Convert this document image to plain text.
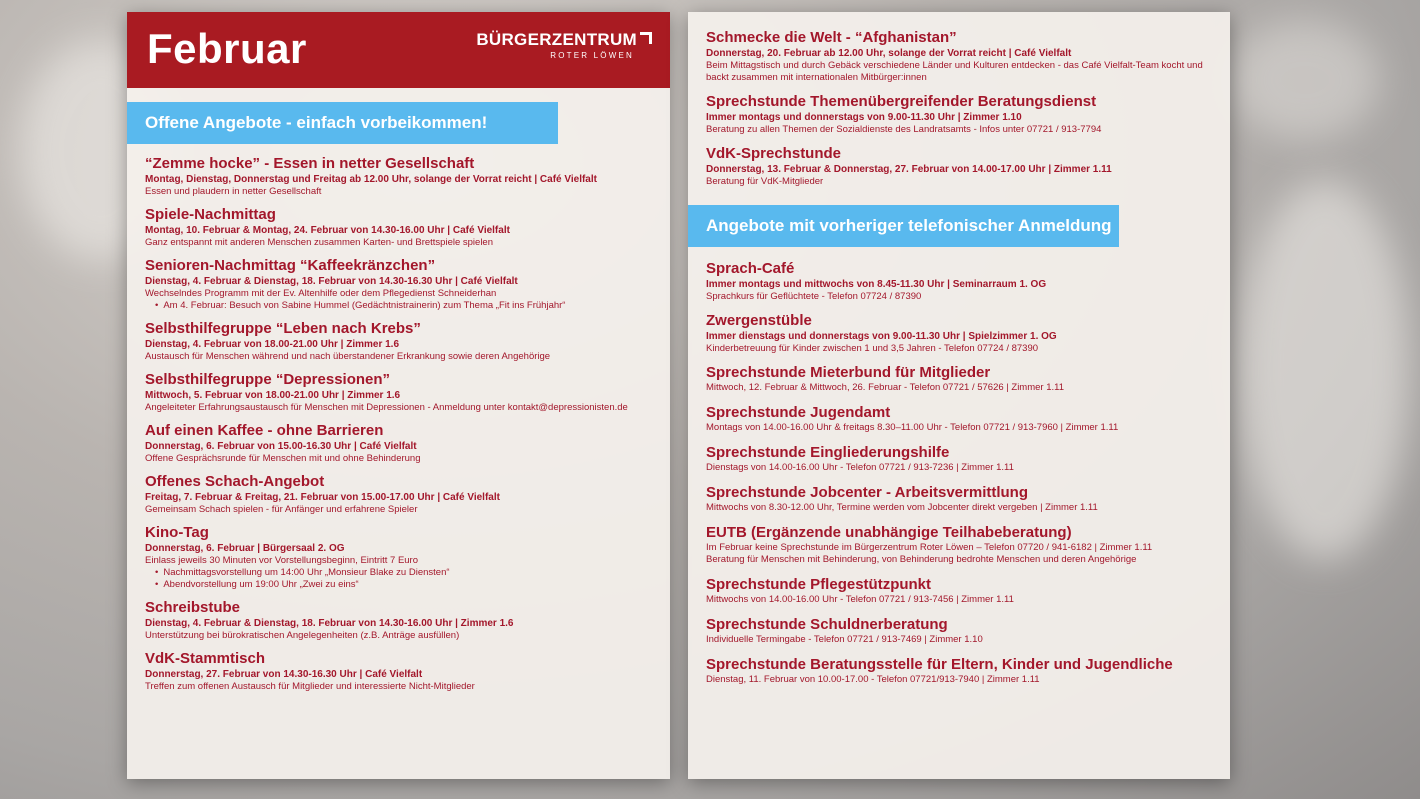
Februar	BÜRGERZENTRUM
ROTER LÖWEN
Offene Angebote - einfach vorbeikommen!
“Zemme hocke” - Essen in netter Gesellschaft
Montag, Dienstag, Donnerstag und Freitag ab 12.00 Uhr, solange der Vorrat reicht | Café Vielfalt
Essen und plaudern in netter Gesellschaft
Spiele-Nachmittag
Montag, 10. Februar & Montag, 24. Februar von 14.30-16.00 Uhr | Café Vielfalt
Ganz entspannt mit anderen Menschen zusammen Karten- und Brettspiele spielen
Senioren-Nachmittag “Kaffeekränzchen”
Dienstag, 4. Februar & Dienstag, 18. Februar von 14.30-16.30 Uhr | Café Vielfalt
Wechselndes Programm mit der Ev. Altenhilfe oder dem Pflegedienst Schneiderhan
• Am 4. Februar: Besuch von Sabine Hummel (Gedächtnistrainerin) zum Thema „Fit ins Frühjahr“
Selbsthilfegruppe “Leben nach Krebs”
Dienstag, 4. Februar von 18.00-21.00 Uhr | Zimmer 1.6
Austausch für Menschen während und nach überstandener Erkrankung sowie deren Angehörige
Selbsthilfegruppe “Depressionen”
Mittwoch, 5. Februar von 18.00-21.00 Uhr | Zimmer 1.6
Angeleiteter Erfahrungsaustausch für Menschen mit Depressionen - Anmeldung unter kontakt@depressionisten.de
Auf einen Kaffee - ohne Barrieren
Donnerstag, 6. Februar von 15.00-16.30 Uhr | Café Vielfalt
Offene Gesprächsrunde für Menschen mit und ohne Behinderung
Offenes Schach-Angebot
Freitag, 7. Februar & Freitag, 21. Februar von 15.00-17.00 Uhr | Café Vielfalt
Gemeinsam Schach spielen - für Anfänger und erfahrene Spieler
Kino-Tag
Donnerstag, 6. Februar | Bürgersaal 2. OG
Einlass jeweils 30 Minuten vor Vorstellungsbeginn, Eintritt 7 Euro
• Nachmittagsvorstellung um 14:00 Uhr „Monsieur Blake zu Diensten“
• Abendvorstellung um 19:00 Uhr „Zwei zu eins“
Schreibstube
Dienstag, 4. Februar & Dienstag, 18. Februar von 14.30-16.00 Uhr | Zimmer 1.6
Unterstützung bei bürokratischen Angelegenheiten (z.B. Anträge ausfüllen)
VdK-Stammtisch
Donnerstag, 27. Februar von 14.30-16.30 Uhr | Café Vielfalt
Treffen zum offenen Austausch für Mitglieder und interessierte Nicht-Mitglieder
Schmecke die Welt - “Afghanistan”
Donnerstag, 20. Februar ab 12.00 Uhr, solange der Vorrat reicht | Café Vielfalt
Beim Mittagstisch und durch Gebäck verschiedene Länder und Kulturen entdecken - das Café Vielfalt-Team kocht und
backt zusammen mit internationalen Mitbürger:innen
Sprechstunde Themenübergreifender Beratungsdienst
Immer montags und donnerstags von 9.00-11.30 Uhr | Zimmer 1.10
Beratung zu allen Themen der Sozialdienste des Landratsamts - Infos unter 07721 / 913-7794
VdK-Sprechstunde
Donnerstag, 13. Februar & Donnerstag, 27. Februar von 14.00-17.00 Uhr | Zimmer 1.11
Beratung für VdK-Mitglieder
Angebote mit vorheriger telefonischer Anmeldung
Sprach-Café
Immer montags und mittwochs von 8.45-11.30 Uhr | Seminarraum 1. OG
Sprachkurs für Geflüchtete - Telefon 07724 / 87390
Zwergenstüble
Immer dienstags und donnerstags von 9.00-11.30 Uhr | Spielzimmer 1. OG
Kinderbetreuung für Kinder zwischen 1 und 3,5 Jahren - Telefon 07724 / 87390
Sprechstunde Mieterbund für Mitglieder
Mittwoch, 12. Februar & Mittwoch, 26. Februar - Telefon 07721 / 57626 | Zimmer 1.11
Sprechstunde Jugendamt
Montags von 14.00-16.00 Uhr & freitags 8.30–11.00 Uhr - Telefon 07721 / 913-7960 | Zimmer 1.11
Sprechstunde Eingliederungshilfe
Dienstags von 14.00-16.00 Uhr - Telefon 07721 / 913-7236 | Zimmer 1.11
Sprechstunde Jobcenter - Arbeitsvermittlung
Mittwochs von 8.30-12.00 Uhr, Termine werden vom Jobcenter direkt vergeben | Zimmer 1.11
EUTB (Ergänzende unabhängige Teilhabeberatung)
Im Februar keine Sprechstunde im Bürgerzentrum Roter Löwen – Telefon 07720 / 941-6182 | Zimmer 1.11
Beratung für Menschen mit Behinderung, von Behinderung bedrohte Menschen und deren Angehörige
Sprechstunde Pflegestützpunkt
Mittwochs von 14.00-16.00 Uhr - Telefon 07721 / 913-7456 | Zimmer 1.11
Sprechstunde Schuldnerberatung
Individuelle Termingabe - Telefon 07721 / 913-7469 | Zimmer 1.10
Sprechstunde Beratungsstelle für Eltern, Kinder und Jugendliche
Dienstag, 11. Februar von 10.00-17.00 - Telefon 07721/913-7940 | Zimmer 1.11
